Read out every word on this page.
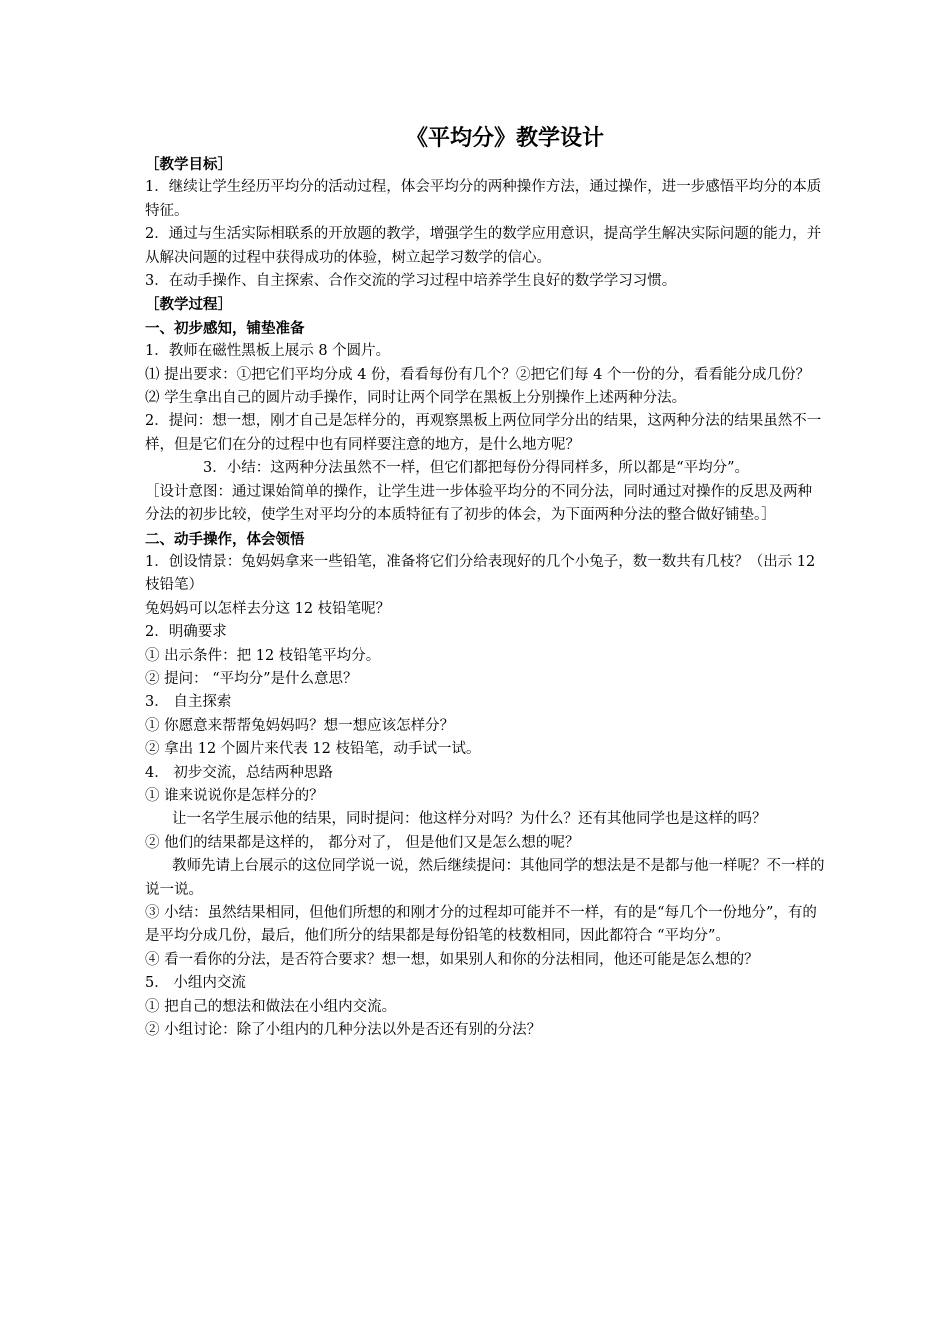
《平均分》教学设计

［教学目标］

1．继续让学生经历平均分的活动过程，体会平均分的两种操作方法，通过操作，进一步感悟平均分的本质特征。

2．通过与生活实际相联系的开放题的教学，增强学生的数学应用意识，提高学生解决实际问题的能力，并从解决问题的过程中获得成功的体验，树立起学习数学的信心。

3．在动手操作、自主探索、合作交流的学习过程中培养学生良好的数学学习习惯。

［教学过程］

一、初步感知，铺垫准备

1．教师在磁性黑板上展示 8 个圆片。

⑴ 提出要求：①把它们平均分成 4 份，看看每份有几个？②把它们每 4 个一份的分，看看能分成几份？

⑵ 学生拿出自己的圆片动手操作，同时让两个同学在黑板上分别操作上述两种分法。

2．提问：想一想，刚才自己是怎样分的，再观察黑板上两位同学分出的结果，这两种分法的结果虽然不一样，但是它们在分的过程中也有同样要注意的地方，是什么地方呢？

3．小结：这两种分法虽然不一样，但它们都把每份分得同样多，所以都是“平均分”。

［设计意图：通过课始简单的操作，让学生进一步体验平均分的不同分法，同时通过对操作的反思及两种分法的初步比较，使学生对平均分的本质特征有了初步的体会，为下面两种分法的整合做好铺垫。］

二、动手操作，体会领悟

1．创设情景：兔妈妈拿来一些铅笔，准备将它们分给表现好的几个小兔子，数一数共有几枝？（出示 12 枝铅笔）

兔妈妈可以怎样去分这 12 枝铅笔呢？

2．明确要求

① 出示条件：把 12 枝铅笔平均分。

② 提问： “平均分”是什么意思？

3． 自主探索

① 你愿意来帮帮兔妈妈吗？想一想应该怎样分？

② 拿出 12 个圆片来代表 12 枝铅笔，动手试一试。

4． 初步交流，总结两种思路

① 谁来说说你是怎样分的？

让一名学生展示他的结果，同时提问：他这样分对吗？为什么？还有其他同学也是这样的吗？

② 他们的结果都是这样的， 都分对了， 但是他们又是怎么想的呢？

教师先请上台展示的这位同学说一说，然后继续提问：其他同学的想法是不是都与他一样呢？不一样的说一说。

③ 小结：虽然结果相同，但他们所想的和刚才分的过程却可能并不一样，有的是“每几个一份地分”，有的是平均分成几份，最后，他们所分的结果都是每份铅笔的枝数相同，因此都符合 “平均分”。

④ 看一看你的分法，是否符合要求？想一想，如果别人和你的分法相同，他还可能是怎么想的？

5． 小组内交流

① 把自己的想法和做法在小组内交流。

② 小组讨论：除了小组内的几种分法以外是否还有别的分法？
